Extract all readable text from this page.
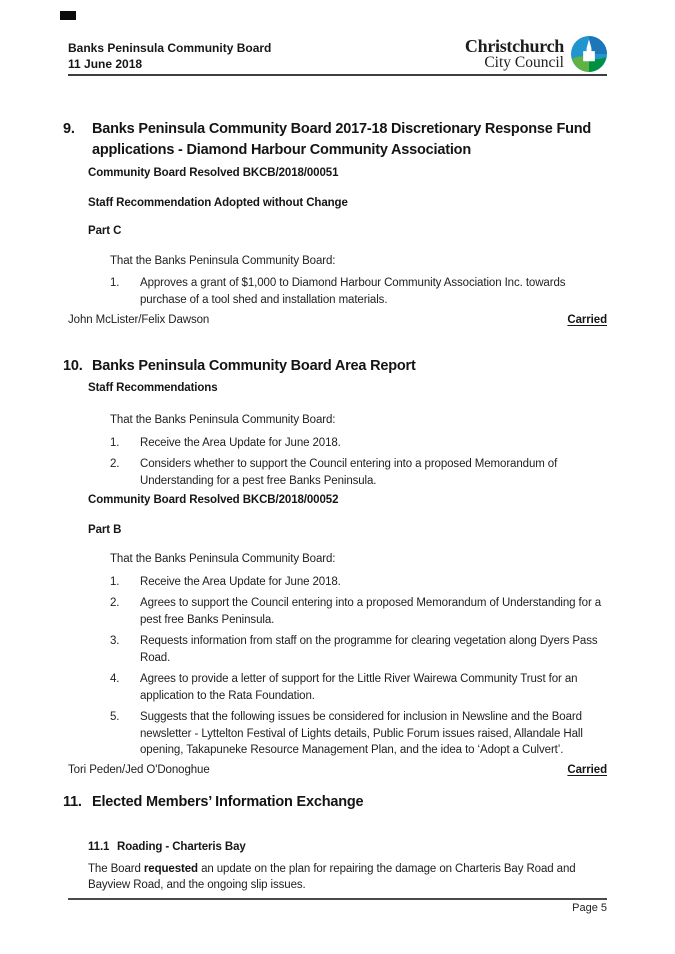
Banks Peninsula Community Board
11 June 2018
Christchurch
City Council
9.	Banks Peninsula Community Board 2017-18 Discretionary Response Fund
applications - Diamond Harbour Community Association
Community Board Resolved BKCB/2018/00051
Staff Recommendation Adopted without Change
Part C
That the Banks Peninsula Community Board:
1.	Approves a grant of $1,000 to Diamond Harbour Community Association Inc. towards purchase of a tool shed and installation materials.
John McLister/Felix Dawson	Carried
10. Banks Peninsula Community Board Area Report
Staff Recommendations
That the Banks Peninsula Community Board:
1.	Receive the Area Update for June 2018.
2.	Considers whether to support the Council entering into a proposed Memorandum of Understanding for a pest free Banks Peninsula.
Community Board Resolved BKCB/2018/00052
Part B
That the Banks Peninsula Community Board:
1.	Receive the Area Update for June 2018.
2.	Agrees to support the Council entering into a proposed Memorandum of Understanding for a pest free Banks Peninsula.
3.	Requests information from staff on the programme for clearing vegetation along Dyers Pass Road.
4.	Agrees to provide a letter of support for the Little River Wairewa Community Trust for an application to the Rata Foundation.
5.	Suggests that the following issues be considered for inclusion in Newsline and the Board newsletter - Lyttelton Festival of Lights details, Public Forum issues raised, Allandale Hall opening, Takapuneke Resource Management Plan, and the idea to ‘Adopt a Culvert’.
Tori Peden/Jed O'Donoghue	Carried
11. Elected Members’ Information Exchange
11.1 Roading - Charteris Bay
The Board requested an update on the plan for repairing the damage on Charteris Bay Road and Bayview Road, and the ongoing slip issues.
Page 5
